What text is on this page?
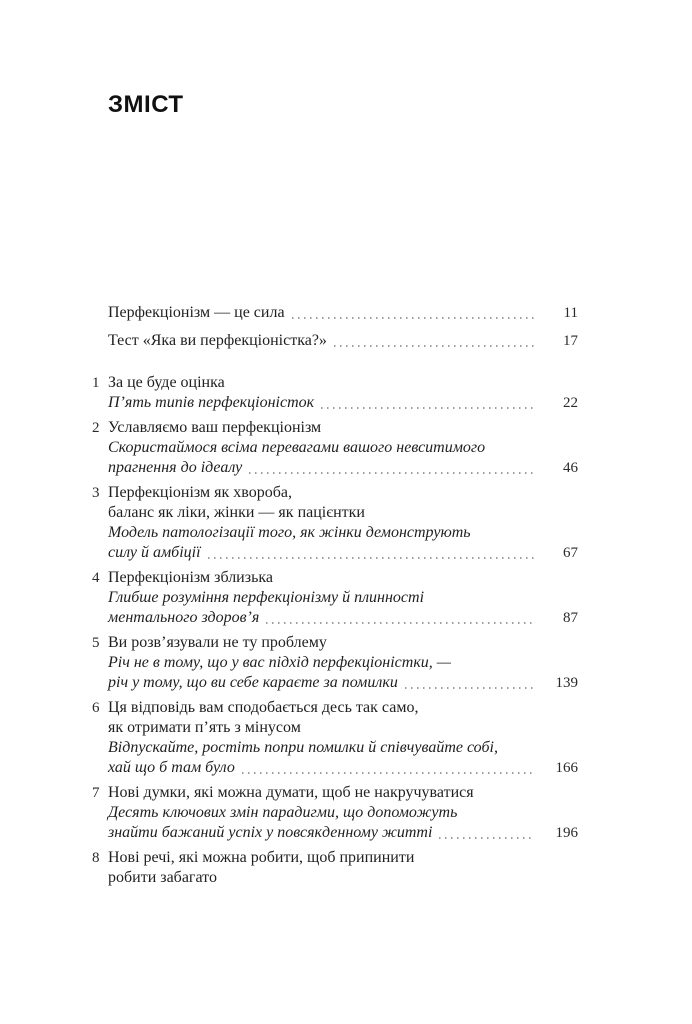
ЗМІСТ
Перфекціонізм — це сила	11
Тест «Яка ви перфекціоністка?»	17
1 За це буде оцінка
П’ять типів перфекціоністок	22
2 Уславляємо ваш перфекціонізм
Скористаймося всіма перевагами вашого невситимого
прагнення до ідеалу	46
3 Перфекціонізм як хвороба,
баланс як ліки, жінки — як пацієнтки
Модель патологізації того, як жінки демонструють
силу й амбіції	67
4 Перфекціонізм зблизька
Глибше розуміння перфекціонізму й плинності
ментального здоров’я	87
5 Ви розв’язували не ту проблему
Річ не в тому, що у вас підхід перфекціоністки, —
річ у тому, що ви себе караєте за помилки	139
6 Ця відповідь вам сподобається десь так само,
як отримати п’ять з мінусом
Відпускайте, ростіть попри помилки й співчувайте собі,
хай що б там було	166
7 Нові думки, які можна думати, щоб не накручуватися
Десять ключових змін парадигми, що допоможуть
знайти бажаний успіх у повсякденному житті	196
8 Нові речі, які можна робити, щоб припинити
робити забагато
